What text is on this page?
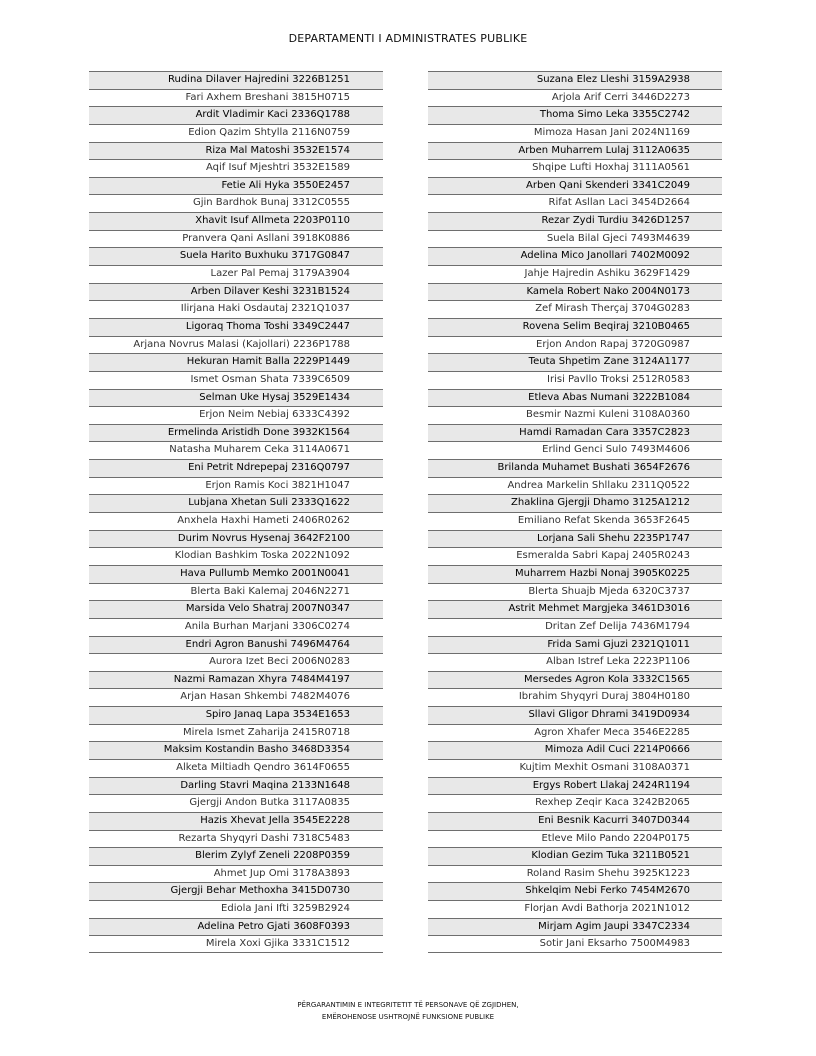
DEPARTAMENTI I ADMINISTRATES PUBLIKE
Rudina Dilaver Hajredini 3226B1251
Fari Axhem Breshani 3815H0715
Ardit Vladimir Kaci 2336Q1788
Edion Qazim Shtylla 2116N0759
Riza Mal Matoshi 3532E1574
Aqif Isuf Mjeshtri 3532E1589
Fetie Ali Hyka 3550E2457
Gjin Bardhok Bunaj 3312C0555
Xhavit Isuf Allmeta 2203P0110
Pranvera Qani Asllani 3918K0886
Suela Harito Buxhuku 3717G0847
Lazer Pal Pemaj 3179A3904
Arben Dilaver Keshi 3231B1524
Ilirjana Haki Osdautaj 2321Q1037
Ligoraq Thoma Toshi 3349C2447
Arjana Novrus Malasi (Kajollari) 2236P1788
Hekuran Hamit Balla 2229P1449
Ismet Osman Shata 7339C6509
Selman Uke Hysaj 3529E1434
Erjon Neim Nebiaj 6333C4392
Ermelinda Aristidh Done 3932K1564
Natasha Muharem Ceka 3114A0671
Eni Petrit Ndrepepaj 2316Q0797
Erjon Ramis Koci 3821H1047
Lubjana Xhetan Suli 2333Q1622
Anxhela Haxhi Hameti 2406R0262
Durim Novrus Hysenaj 3642F2100
Klodian Bashkim Toska 2022N1092
Hava Pullumb Memko 2001N0041
Blerta Baki Kalemaj 2046N2271
Marsida Velo Shatraj 2007N0347
Anila Burhan Marjani 3306C0274
Endri Agron Banushi 7496M4764
Aurora Izet Beci 2006N0283
Nazmi Ramazan Xhyra 7484M4197
Arjan Hasan Shkembi 7482M4076
Spiro Janaq Lapa 3534E1653
Mirela Ismet Zaharija 2415R0718
Maksim Kostandin Basho 3468D3354
Alketa Miltiadh Qendro 3614F0655
Darling Stavri Maqina 2133N1648
Gjergji Andon Butka 3117A0835
Hazis Xhevat Jella 3545E2228
Rezarta Shyqyri Dashi 7318C5483
Blerim Zylyf Zeneli 2208P0359
Ahmet Jup Omi 3178A3893
Gjergji Behar Methoxha 3415D0730
Ediola Jani Ifti 3259B2924
Adelina Petro Gjati 3608F0393
Mirela Xoxi Gjika 3331C1512
Suzana Elez Lleshi 3159A2938
Arjola Arif Cerri 3446D2273
Thoma Simo Leka 3355C2742
Mimoza Hasan Jani 2024N1169
Arben Muharrem Lulaj 3112A0635
Shqipe Lufti Hoxhaj 3111A0561
Arben Qani Skenderi 3341C2049
Rifat Asllan Laci 3454D2664
Rezar Zydi Turdiu 3426D1257
Suela Bilal Gjeci 7493M4639
Adelina Mico Janollari 7402M0092
Jahje Hajredin Ashiku 3629F1429
Kamela Robert Nako 2004N0173
Zef Mirash Therçaj 3704G0283
Rovena Selim Beqiraj 3210B0465
Erjon Andon Rapaj 3720G0987
Teuta Shpetim Zane 3124A1177
Irisi Pavllo Troksi 2512R0583
Etleva Abas Numani 3222B1084
Besmir Nazmi Kuleni 3108A0360
Hamdi Ramadan Cara 3357C2823
Erlind Genci Sulo 7493M4606
Brilanda Muhamet Bushati 3654F2676
Andrea Markelin Shllaku 2311Q0522
Zhaklina Gjergji Dhamo 3125A1212
Emiliano Refat Skenda 3653F2645
Lorjana Sali Shehu 2235P1747
Esmeralda Sabri Kapaj 2405R0243
Muharrem Hazbi Nonaj 3905K0225
Blerta Shuajb Mjeda 6320C3737
Astrit Mehmet Margjeka 3461D3016
Dritan Zef Delija 7436M1794
Frida Sami Gjuzi 2321Q1011
Alban Istref Leka 2223P1106
Mersedes Agron Kola 3332C1565
Ibrahim Shyqyri Duraj 3804H0180
Sllavi Gligor Dhrami 3419D0934
Agron Xhafer Meca 3546E2285
Mimoza Adil Cuci 2214P0666
Kujtim Mexhit Osmani 3108A0371
Ergys Robert Llakaj 2424R1194
Rexhep Zeqir Kaca 3242B2065
Eni Besnik Kacurri 3407D0344
Etleve Milo Pando 2204P0175
Klodian Gezim Tuka 3211B0521
Roland Rasim Shehu 3925K1223
Shkelqim Nebi Ferko 7454M2670
Florjan Avdi Bathorja 2021N1012
Mirjam Agim Jaupi 3347C2334
Sotir Jani Eksarho 7500M4983
PËRGARANTIMIN E INTEGRITETIT TË PERSONAVE QË ZGJIDHEN,
EMËROHENOSE USHTROJNË FUNKSIONE PUBLIKE
